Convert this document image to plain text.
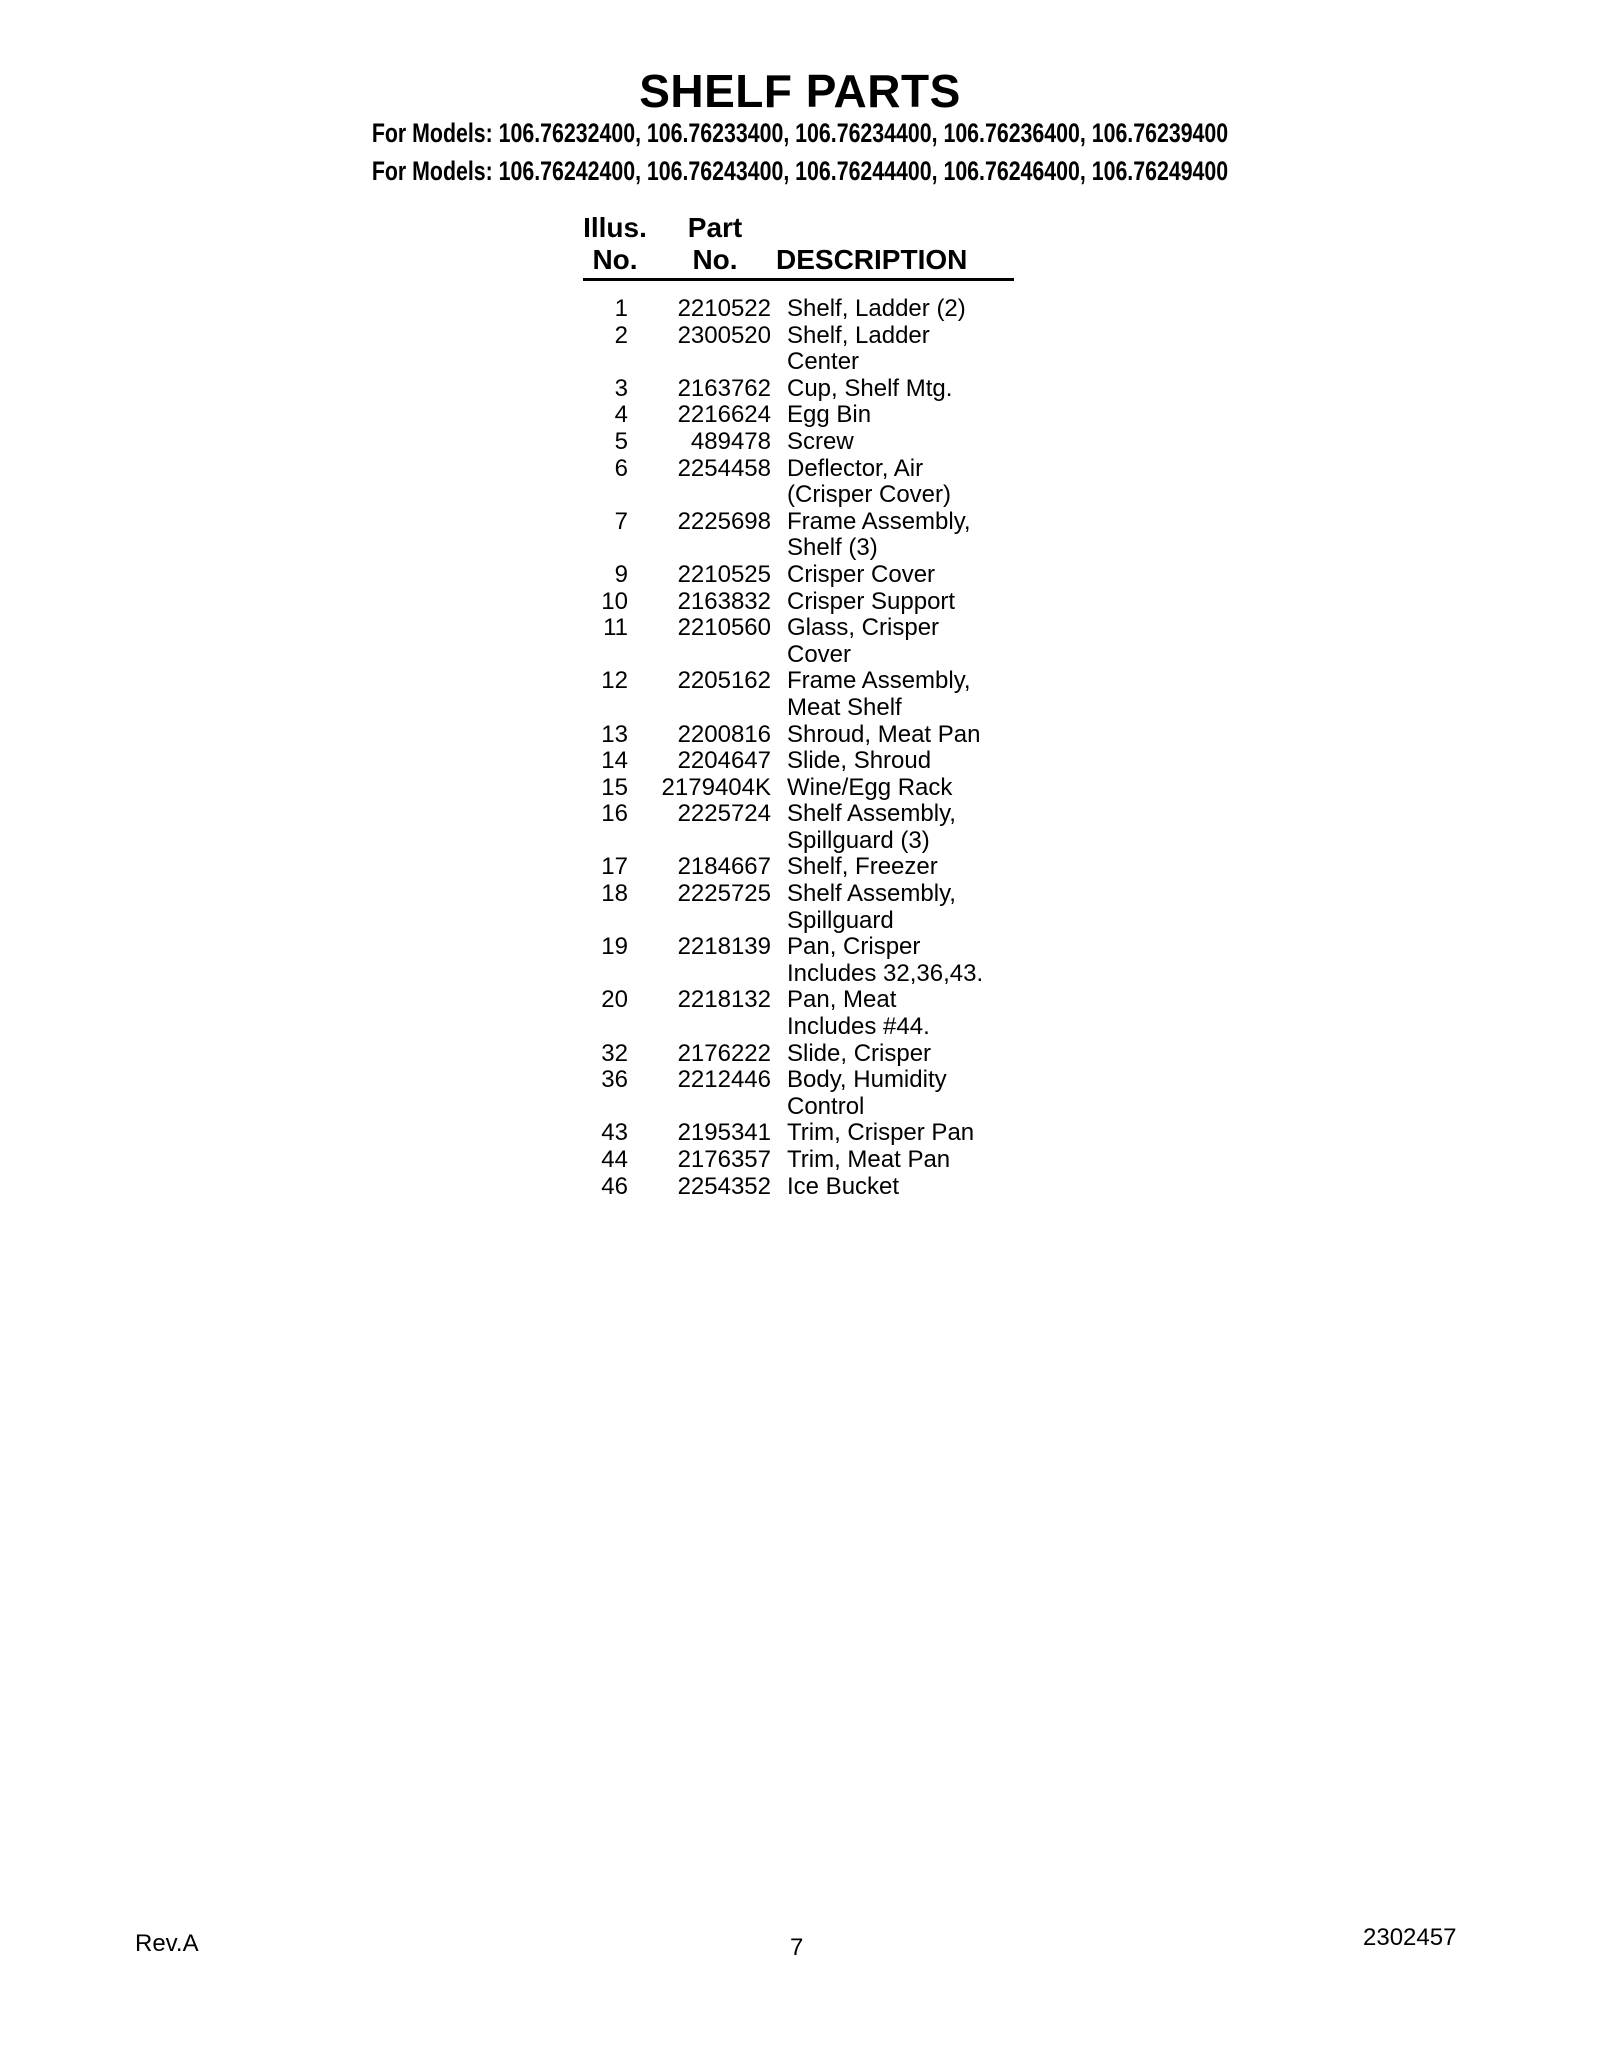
SHELF PARTS
For Models: 106.76232400, 106.76233400, 106.76234400, 106.76236400, 106.76239400
For Models: 106.76242400, 106.76243400, 106.76244400, 106.76246400, 106.76249400
Illus.
No.
Part
No.	DESCRIPTION
1	2210522 Shelf, Ladder (2)
2	2300520 Shelf, Ladder
Center
3	2163762 Cup, Shelf Mtg.
4	2216624 Egg Bin
5	489478 Screw
6	2254458 Deflector, Air
(Crisper Cover)
7	2225698 Frame Assembly,
Shelf (3)
9	2210525 Crisper Cover
10	2163832 Crisper Support
11	2210560 Glass, Crisper
Cover
12	2205162 Frame Assembly,
Meat Shelf
13	2200816 Shroud, Meat Pan
14	2204647 Slide, Shroud
15	2179404K Wine/Egg Rack
16	2225724 Shelf Assembly,
Spillguard (3)
17	2184667 Shelf, Freezer
18	2225725 Shelf Assembly,
Spillguard
19	2218139 Pan, Crisper
Includes 32,36,43.
20	2218132 Pan, Meat
Includes #44.
32	2176222 Slide, Crisper
36	2212446 Body, Humidity
Control
43	2195341 Trim, Crisper Pan
44	2176357 Trim, Meat Pan
46	2254352 Ice Bucket
Rev.A	7	2302457
